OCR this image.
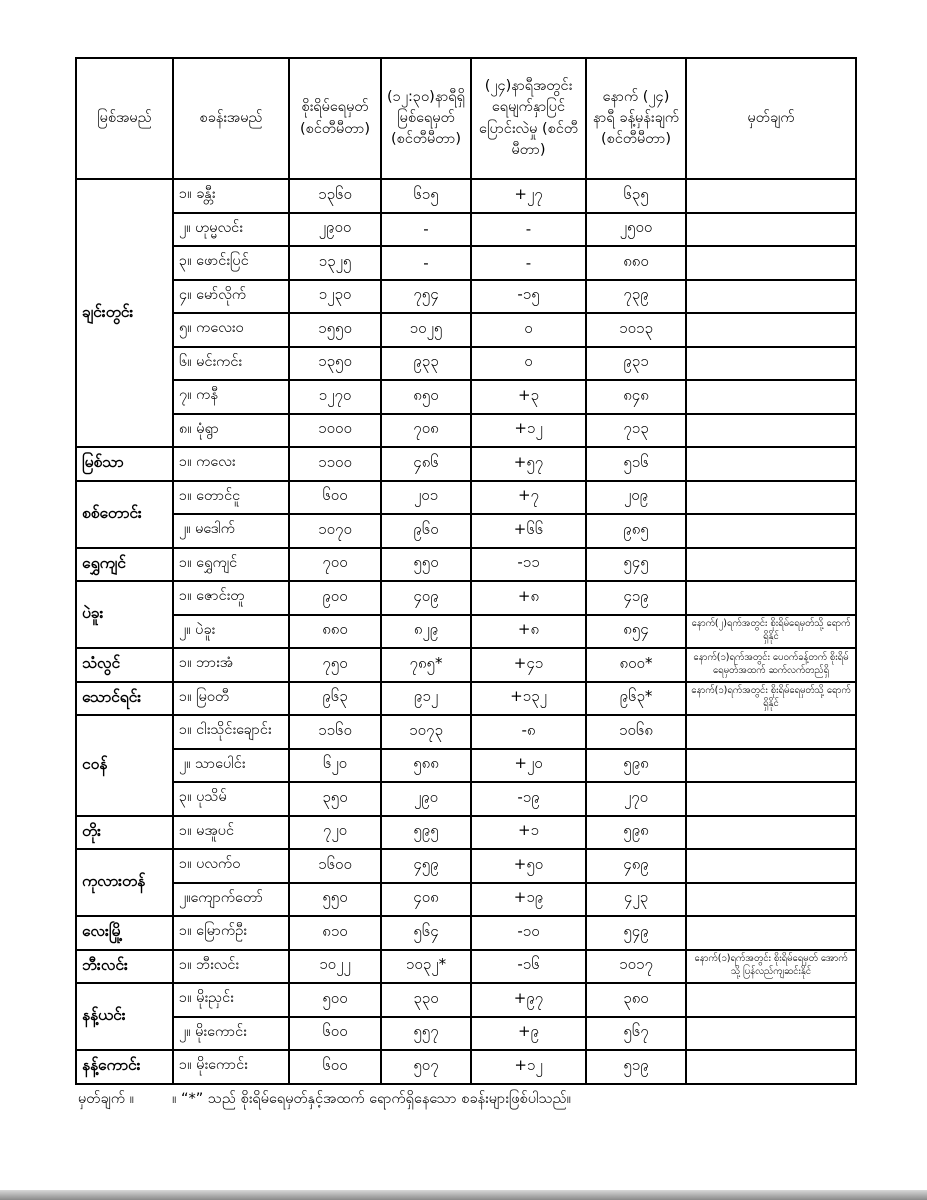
မြစ်အမည်	စခန်းအမည်	စိုးရိမ်ရေမှတ် (စင်တီမီတာ)	(၁၂:၃၀)နာရီရှိ မြစ်ရေမှတ် (စင်တီမီတာ)	(၂၄)နာရီအတွင်း ရေမျက်နှာပြင် ပြောင်းလဲမှု (စင်တီမီတာ)	နောက် (၂၄) နာရီ ခန့်မှန်းချက် (စင်တီမီတာ)	မှတ်ချက်
ချင်းတွင်း	၁။ ခန္တီး	၁၃၆၀	၆၁၅	+၂၇	၆၃၅	
	၂။ ဟုမ္မလင်း	၂၉၀၀	-	-	၂၅၀၀	
	၃။ ဖောင်းပြင်	၁၃၂၅	-	-	၈၈၀	
	၄။ မော်လိုက်	၁၂၃၀	၇၅၄	-၁၅	၇၃၉	
	၅။ ကလေးဝ	၁၅၅၀	၁၀၂၅	၀	၁၀၁၃	
	၆။ မင်းကင်း	၁၃၅၀	၉၃၃	၀	၉၃၁	
	၇။ ကနီ	၁၂၇၀	၈၅၀	+၃	၈၄၈	
	၈။ မုံရွာ	၁၀၀၀	၇၀၈	+၁၂	၇၁၃	
မြစ်သာ	၁။ ကလေး	၁၁၀၀	၄၈၆	+၅၇	၅၁၆	
စစ်တောင်း	၁။ တောင်ငူ	၆၀၀	၂၀၁	+၇	၂၀၉	
	၂။ မဒေါက်	၁၀၇၀	၉၆၀	+၆၆	၉၈၅	
ရွှေကျင်	၁။ ရွှေကျင်	၇၀၀	၅၅၀	-၁၁	၅၄၅	
ပဲခူး	၁။ ဇောင်းတူ	၉၀၀	၄၀၉	+၈	၄၁၉	
	၂။ ပဲခူး	၈၈၀	၈၂၉	+၈	၈၅၄	နောက်(၂)ရက်အတွင်း စိုးရိမ်ရေမှတ်သို့ ရောက်ရှိနိုင်
သံလွင်	၁။ ဘားအံ	၇၅၀	၇၈၅*	+၄၁	၈၀၀*	နောက်(၁)ရက်အတွင်း ပေဝက်ခန့်တက် စိုးရိမ်ရေမှတ်အထက် ဆက်လက်တည်ရှိ
သောင်ရင်း	၁။ မြဝတီ	၉၆၃	၉၁၂	+၁၃၂	၉၆၃*	နောက်(၁)ရက်အတွင်း စိုးရိမ်ရေမှတ်သို့ ရောက်ရှိနိုင်
ငဝန်	၁။ ငါးသိုင်းချောင်း	၁၁၆၀	၁၀၇၃	-၈	၁၀၆၈	
	၂။ သာပေါင်း	၆၂၀	၅၈၈	+၂၀	၅၉၈	
	၃။ ပုသိမ်	၃၅၀	၂၉၀	-၁၉	၂၇၀	
တိုး	၁။ မအူပင်	၇၂၀	၅၉၅	+၁	၅၉၈	
ကုလားတန်	၁။ ပလက်ဝ	၁၆၀၀	၄၅၉	+၅၀	၄၈၉	
	၂။ကျောက်တော်	၅၅၀	၄၀၈	+၁၉	၄၂၃	
လေးမြို့	၁။ မြောက်ဦး	၈၁၀	၅၆၄	-၁၀	၅၄၉	
ဘီးလင်း	၁။ ဘီးလင်း	၁၀၂၂	၁၀၃၂*	-၁၆	၁၀၁၇	နောက်(၁)ရက်အတွင်း စိုးရိမ်ရေမှတ် အောက်သို့ ပြန်လည်ကျဆင်းနိုင်
နန့်ယင်း	၁။ မိုးညှင်း	၅၀၀	၃၃၀	+၉၇	၃၈၀	
	၂။ မိုးကောင်း	၆၀၀	၅၅၇	+၉	၅၆၇	
နန့်ကောင်း	၁။ မိုးကောင်း	၆၀၀	၅၀၇	+၁၂	၅၁၉	
မှတ်ချက် ။	။ “*” သည် စိုးရိမ်ရေမှတ်နှင့်အထက် ရောက်ရှိနေသော စခန်းများဖြစ်ပါသည်။
